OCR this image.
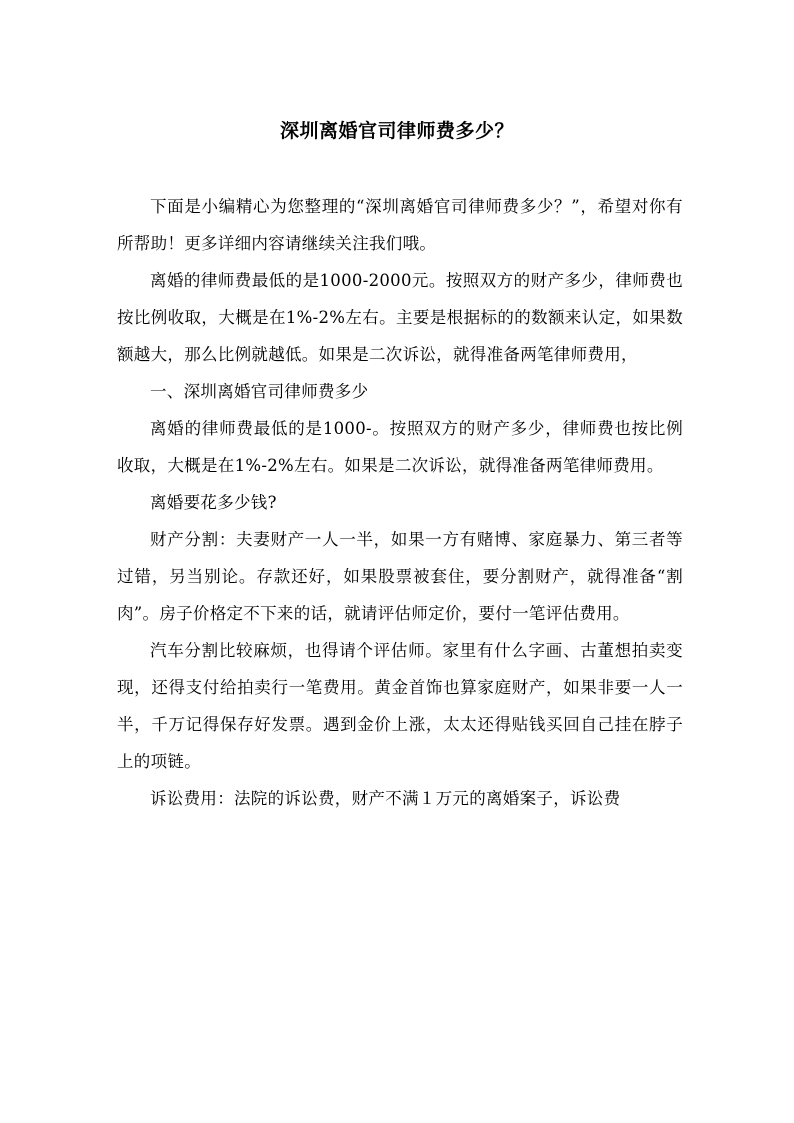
深圳离婚官司律师费多少？

下面是小编精心为您整理的“深圳离婚官司律师费多少？”，希望对你有所帮助！更多详细内容请继续关注我们哦。

离婚的律师费最低的是1000-2000元。按照双方的财产多少，律师费也按比例收取，大概是在1%-2%左右。主要是根据标的的数额来认定，如果数额越大，那么比例就越低。如果是二次诉讼，就得准备两笔律师费用，

一、深圳离婚官司律师费多少

离婚的律师费最低的是1000-。按照双方的财产多少，律师费也按比例收取，大概是在1%-2%左右。如果是二次诉讼，就得准备两笔律师费用。

离婚要花多少钱?

财产分割：夫妻财产一人一半，如果一方有赌博、家庭暴力、第三者等过错，另当别论。存款还好，如果股票被套住，要分割财产，就得准备“割肉”。房子价格定不下来的话，就请评估师定价，要付一笔评估费用。

汽车分割比较麻烦，也得请个评估师。家里有什么字画、古董想拍卖变现，还得支付给拍卖行一笔费用。黄金首饰也算家庭财产，如果非要一人一半，千万记得保存好发票。遇到金价上涨，太太还得贴钱买回自己挂在脖子上的项链。

诉讼费用：法院的诉讼费，财产不满１万元的离婚案子，诉讼费
